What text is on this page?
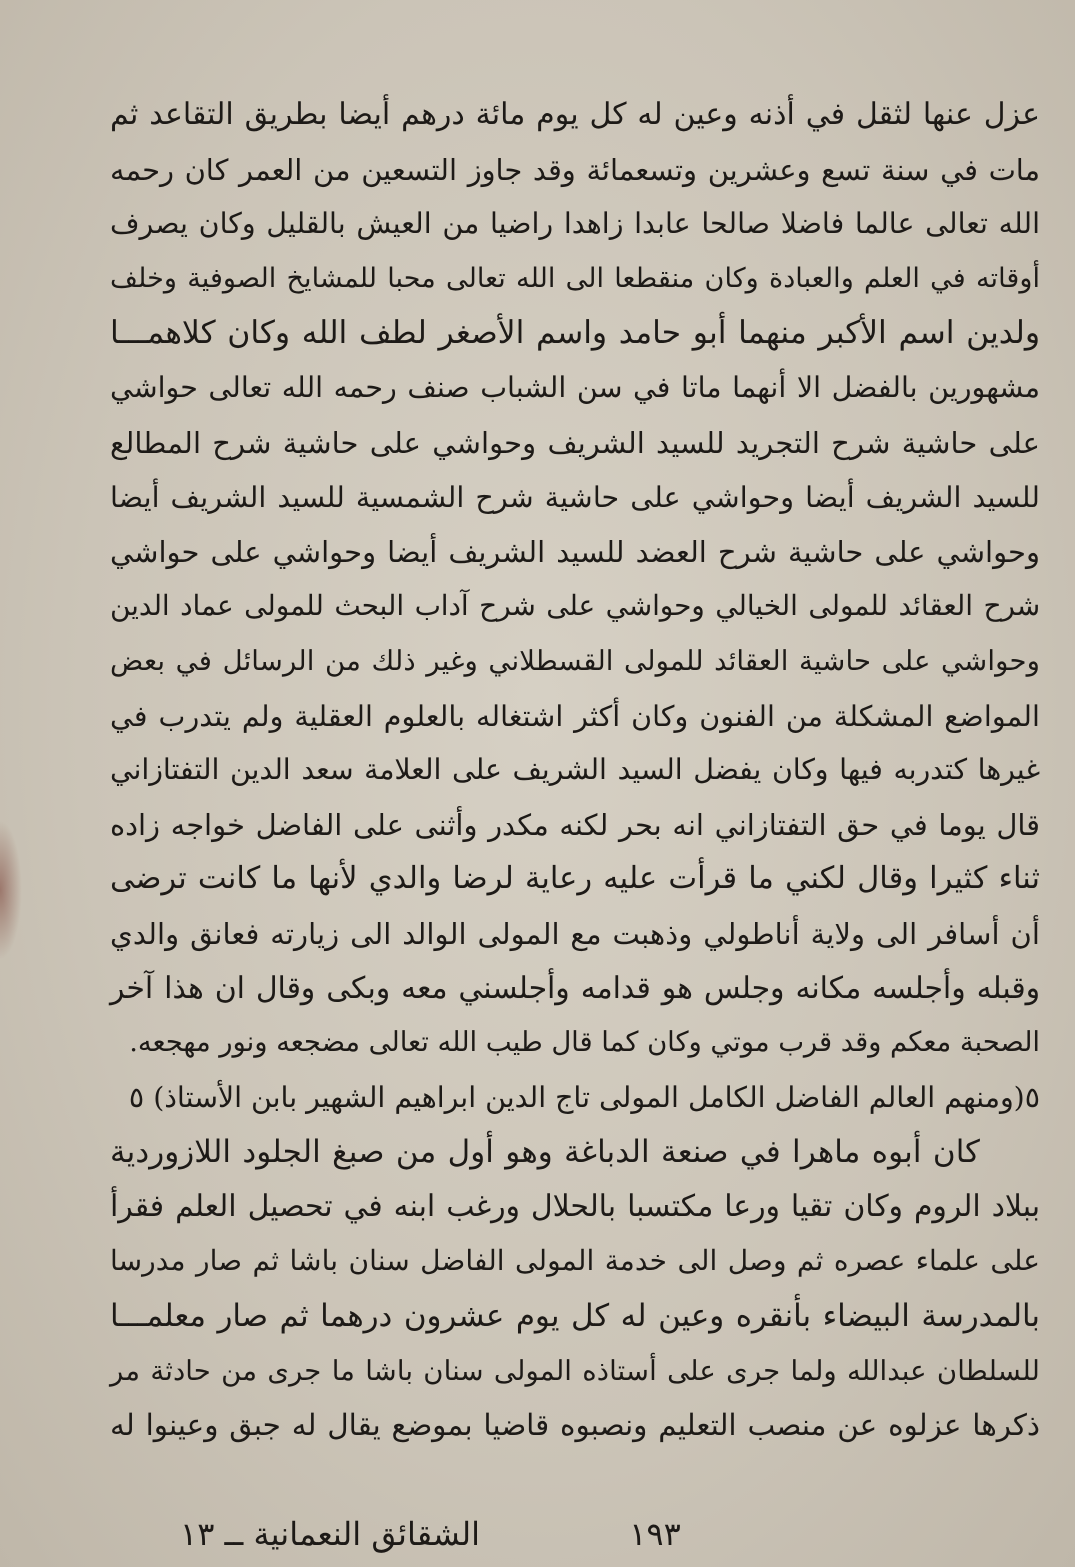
عزل عنها لثقل في أذنه وعين له كل يوم مائة درهم أيضا بطريق التقاعد ثم
مات في سنة تسع وعشرين وتسعمائة وقد جاوز التسعين من العمر كان رحمه
الله تعالى عالما فاضلا صالحا عابدا زاهدا راضيا من العيش بالقليل وكان يصرف
أوقاته في العلم والعبادة وكان منقطعا الى الله تعالى محبا للمشايخ الصوفية وخلف
ولدين اسم الأكبر منهما أبو حامد واسم الأصغر لطف الله وكان كلاهمـــا
مشهورين بالفضل الا أنهما ماتا في سن الشباب صنف رحمه الله تعالى حواشي
على حاشية شرح التجريد للسيد الشريف وحواشي على حاشية شرح المطالع
للسيد الشريف أيضا وحواشي على حاشية شرح الشمسية للسيد الشريف أيضا
وحواشي على حاشية شرح العضد للسيد الشريف أيضا وحواشي على حواشي
شرح العقائد للمولى الخيالي وحواشي على شرح آداب البحث للمولى عماد الدين
وحواشي على حاشية العقائد للمولى القسطلاني وغير ذلك من الرسائل في بعض
المواضع المشكلة من الفنون وكان أكثر اشتغاله بالعلوم العقلية ولم يتدرب في
غيرها كتدربه فيها وكان يفضل السيد الشريف على العلامة سعد الدين التفتازاني
قال يوما في حق التفتازاني انه بحر لكنه مكدر وأثنى على الفاضل خواجه زاده
ثناء كثيرا وقال لكني ما قرأت عليه رعاية لرضا والدي لأنها ما كانت ترضى
أن أسافر الى ولاية أناطولي وذهبت مع المولى الوالد الى زيارته فعانق والدي
وقبله وأجلسه مكانه وجلس هو قدامه وأجلسني معه وبكى وقال ان هذا آخر
الصحبة معكم وقد قرب موتي وكان كما قال طيب الله تعالى مضجعه ونور مهجعه.
٥(ومنهم العالم الفاضل الكامل المولى تاج الدين ابراهيم الشهير بابن الأستاذ) ٥
كان أبوه ماهرا في صنعة الدباغة وهو أول من صبغ الجلود اللازوردية
ببلاد الروم وكان تقيا ورعا مكتسبا بالحلال ورغب ابنه في تحصيل العلم فقرأ
على علماء عصره ثم وصل الى خدمة المولى الفاضل سنان باشا ثم صار مدرسا
بالمدرسة البيضاء بأنقره وعين له كل يوم عشرون درهما ثم صار معلمـــا
للسلطان عبدالله ولما جرى على أستاذه المولى سنان باشا ما جرى من حادثة مر
ذكرها عزلوه عن منصب التعليم ونصبوه قاضيا بموضع يقال له جبق وعينوا له
١٩٣
الشقائق النعمانية ــ ١٣
